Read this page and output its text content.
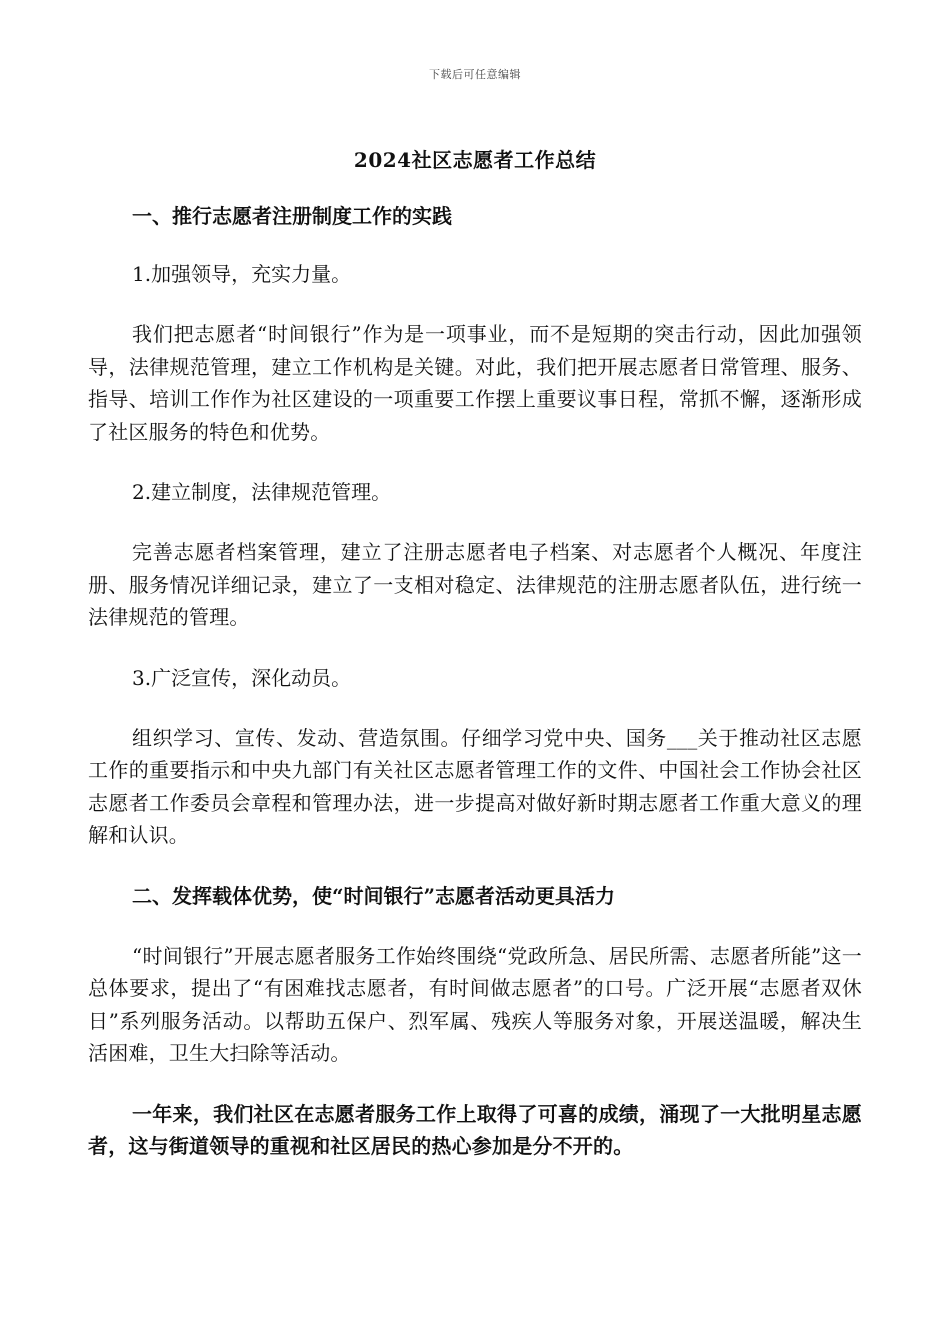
下载后可任意编辑
2024社区志愿者工作总结

一、推行志愿者注册制度工作的实践

1.加强领导，充实力量。

我们把志愿者“时间银行”作为是一项事业，而不是短期的突击行动，因此加强领导，法律规范管理，建立工作机构是关键。对此，我们把开展志愿者日常管理、服务、指导、培训工作作为社区建设的一项重要工作摆上重要议事日程，常抓不懈，逐渐形成了社区服务的特色和优势。

2.建立制度，法律规范管理。

完善志愿者档案管理，建立了注册志愿者电子档案、对志愿者个人概况、年度注册、服务情况详细记录，建立了一支相对稳定、法律规范的注册志愿者队伍，进行统一法律规范的管理。

3.广泛宣传，深化动员。

组织学习、宣传、发动、营造氛围。仔细学习党中央、国务___关于推动社区志愿工作的重要指示和中央九部门有关社区志愿者管理工作的文件、中国社会工作协会社区志愿者工作委员会章程和管理办法，进一步提高对做好新时期志愿者工作重大意义的理解和认识。

二、发挥载体优势，使“时间银行”志愿者活动更具活力

“时间银行”开展志愿者服务工作始终围绕“党政所急、居民所需、志愿者所能”这一总体要求，提出了“有困难找志愿者，有时间做志愿者”的口号。广泛开展“志愿者双休日”系列服务活动。以帮助五保户、烈军属、残疾人等服务对象，开展送温暖，解决生活困难，卫生大扫除等活动。

一年来，我们社区在志愿者服务工作上取得了可喜的成绩，涌现了一大批明星志愿者，这与街道领导的重视和社区居民的热心参加是分不开的。
